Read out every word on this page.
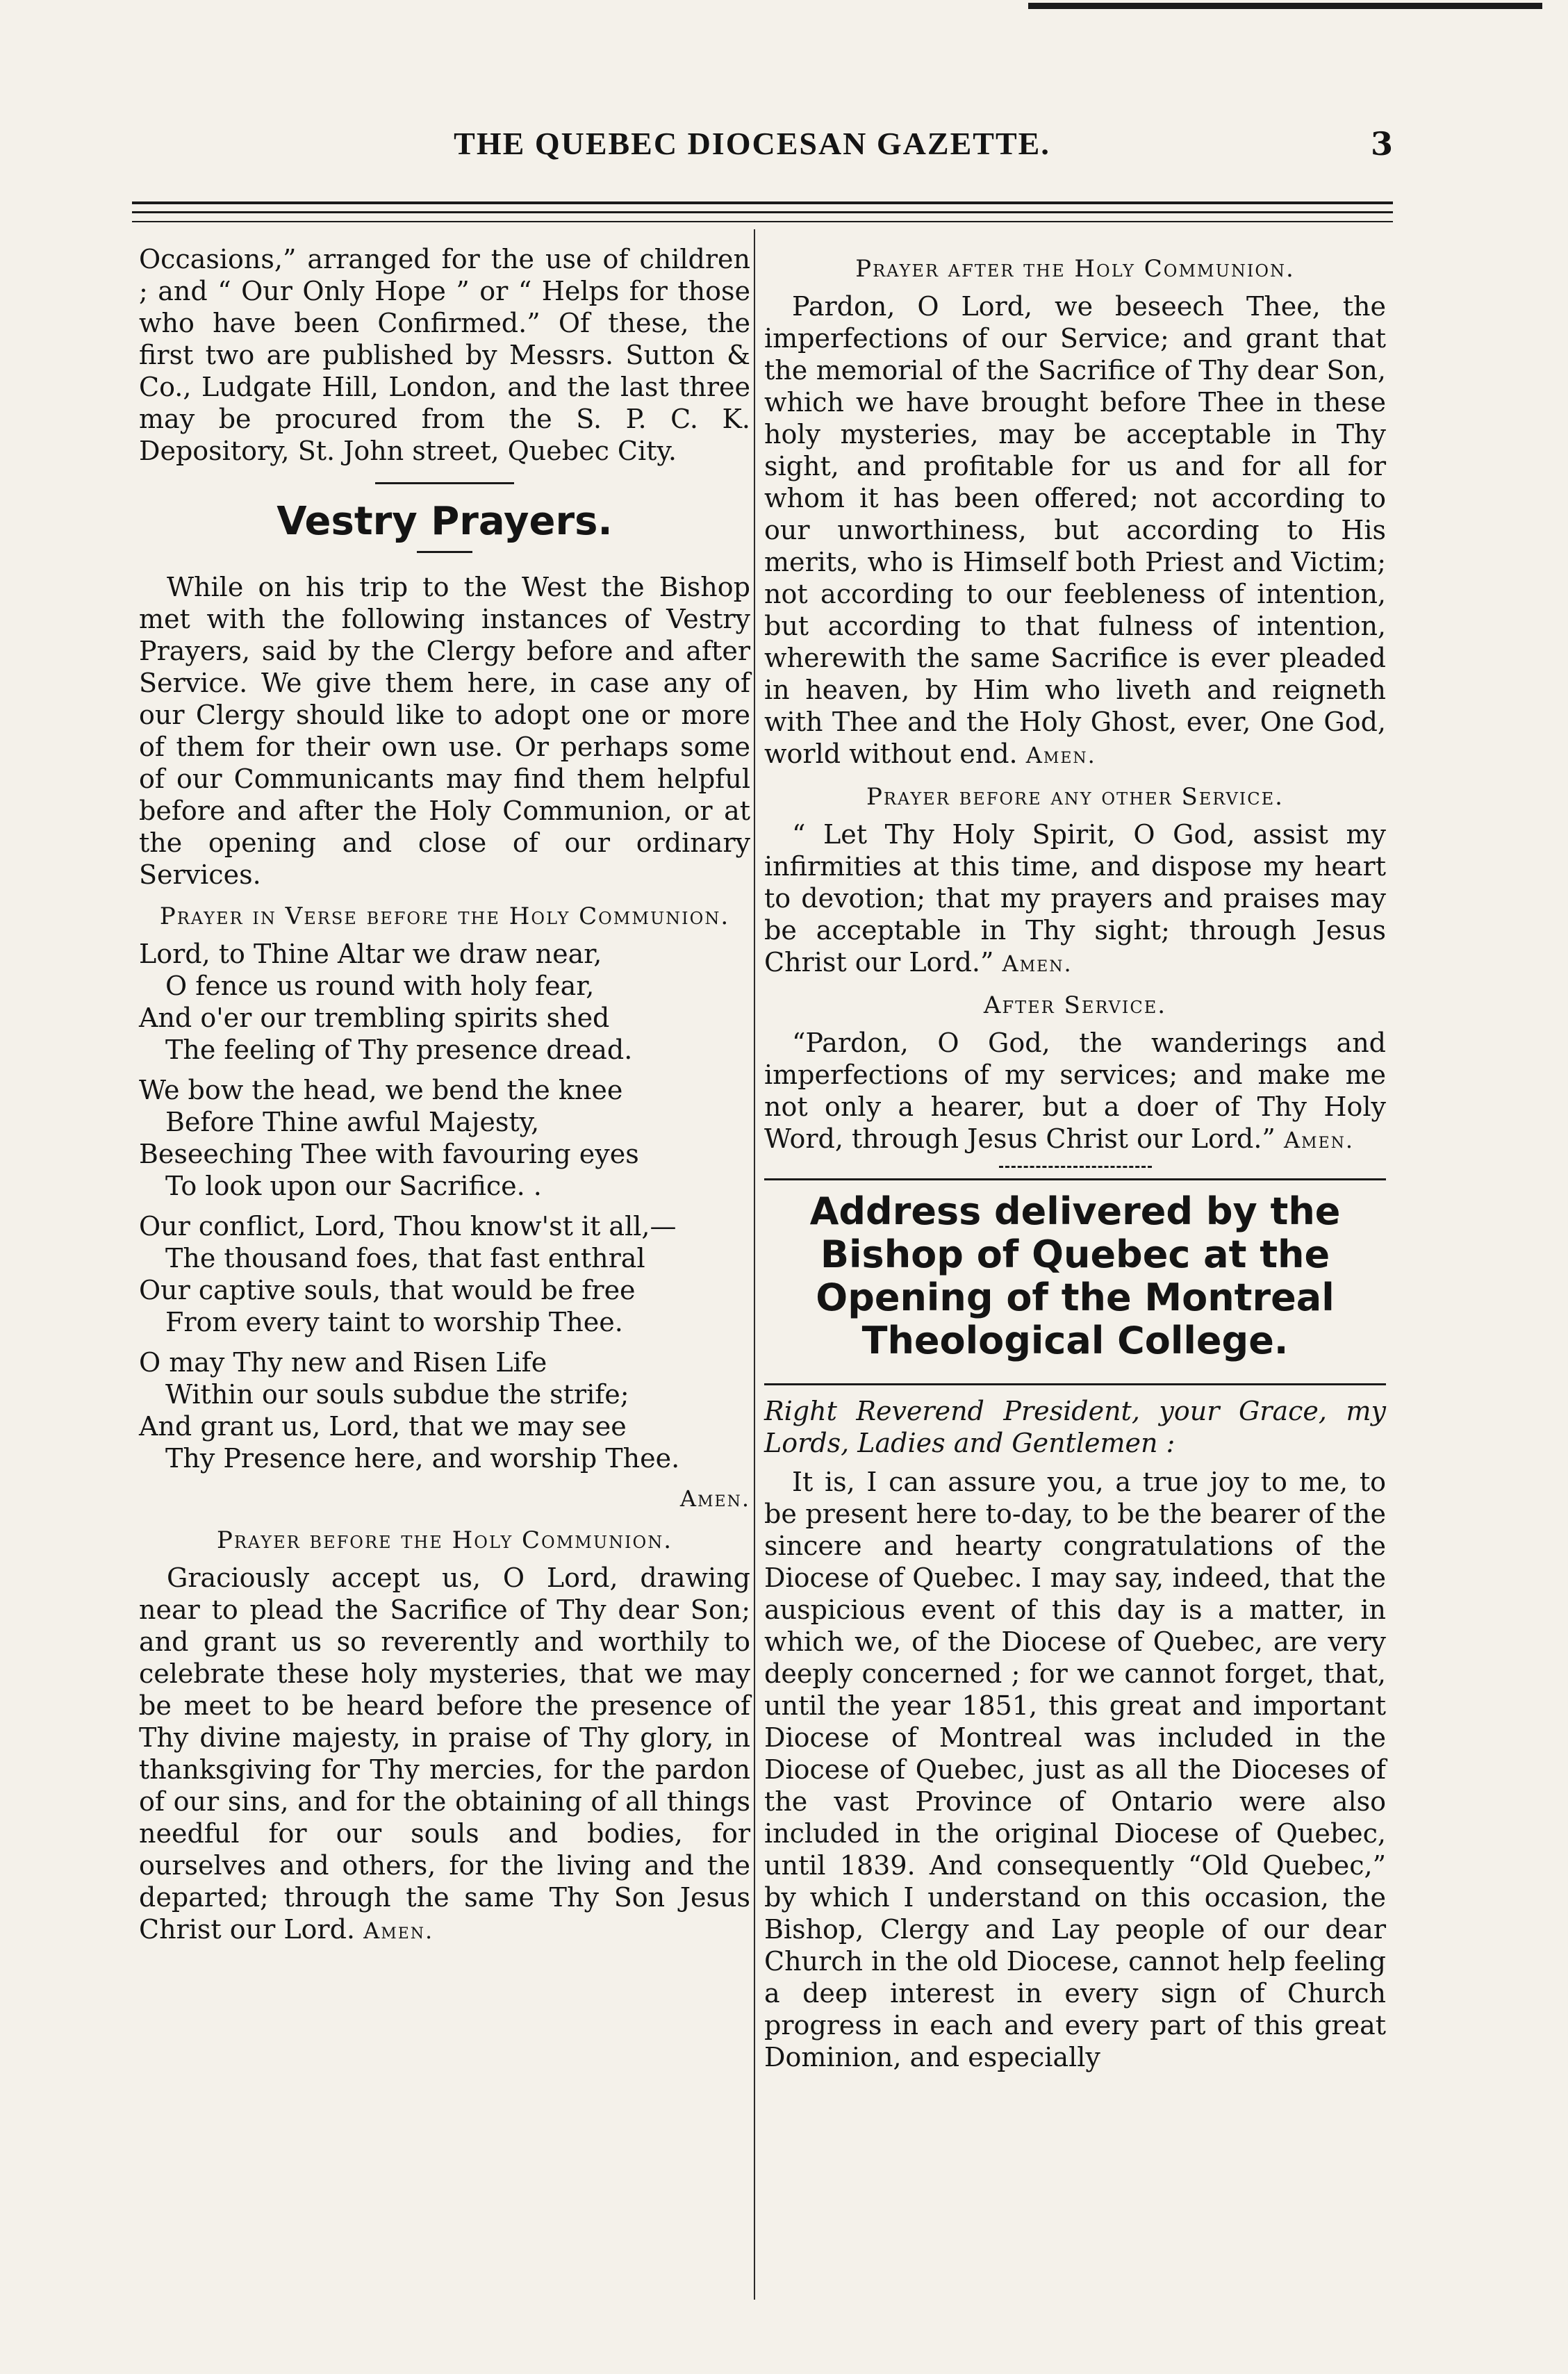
THE QUEBEC DIOCESAN GAZETTE.	3

Occasions,” arranged for the use of children ; and “ Our Only Hope ” or “ Helps for those who have been Confirmed.” Of these, the first two are published by Messrs. Sutton & Co., Ludgate Hill, London, and the last three may be procured from the S. P. C. K. Depository, St. John street, Quebec City.

Vestry Prayers.

While on his trip to the West the Bishop met with the following instances of Vestry Prayers, said by the Clergy before and after Service. We give them here, in case any of our Clergy should like to adopt one or more of them for their own use. Or perhaps some of our Communicants may find them helpful before and after the Holy Communion, or at the opening and close of our ordinary Services.

Prayer in Verse before the Holy Communion.
Lord, to Thine Altar we draw near,
O fence us round with holy fear,
And o'er our trembling spirits shed
The feeling of Thy presence dread.
We bow the head, we bend the knee
Before Thine awful Majesty,
Beseeching Thee with favouring eyes
To look upon our Sacrifice. .
Our conflict, Lord, Thou know'st it all,—
The thousand foes, that fast enthral
Our captive souls, that would be free
From every taint to worship Thee.
O may Thy new and Risen Life
Within our souls subdue the strife;
And grant us, Lord, that we may see
Thy Presence here, and worship Thee.
Amen.
Prayer before the Holy Communion.

Graciously accept us, O Lord, drawing near to plead the Sacrifice of Thy dear Son; and grant us so reverently and worthily to celebrate these holy mysteries, that we may be meet to be heard before the presence of Thy divine majesty, in praise of Thy glory, in thanksgiving for Thy mercies, for the pardon of our sins, and for the obtaining of all things needful for our souls and bodies, for ourselves and others, for the living and the departed; through the same Thy Son Jesus Christ our Lord. Amen.

Prayer after the Holy Communion.

Pardon, O Lord, we beseech Thee, the imperfections of our Service; and grant that the memorial of the Sacrifice of Thy dear Son, which we have brought before Thee in these holy mysteries, may be acceptable in Thy sight, and profitable for us and for all for whom it has been offered; not according to our unworthiness, but according to His merits, who is Himself both Priest and Victim; not according to our feebleness of intention, but according to that fulness of intention, wherewith the same Sacrifice is ever pleaded in heaven, by Him who liveth and reigneth with Thee and the Holy Ghost, ever, One God, world without end. Amen.

Prayer before any other Service.

“ Let Thy Holy Spirit, O God, assist my infirmities at this time, and dispose my heart to devotion; that my prayers and praises may be acceptable in Thy sight; through Jesus Christ our Lord.” Amen.

After Service.

“Pardon, O God, the wanderings and imperfections of my services; and make me not only a hearer, but a doer of Thy Holy Word, through Jesus Christ our Lord.” Amen.

Address delivered by the Bishop of Quebec at the Opening of the Montreal Theological College.

Right Reverend President, your Grace, my Lords, Ladies and Gentlemen :

It is, I can assure you, a true joy to me, to be present here to-day, to be the bearer of the sincere and hearty congratulations of the Diocese of Quebec. I may say, indeed, that the auspicious event of this day is a matter, in which we, of the Diocese of Quebec, are very deeply concerned ; for we cannot forget, that, until the year 1851, this great and important Diocese of Montreal was included in the Diocese of Quebec, just as all the Dioceses of the vast Province of Ontario were also included in the original Diocese of Quebec, until 1839. And consequently “Old Quebec,” by which I understand on this occasion, the Bishop, Clergy and Lay people of our dear Church in the old Diocese, cannot help feeling a deep interest in every sign of Church progress in each and every part of this great Dominion, and especially
